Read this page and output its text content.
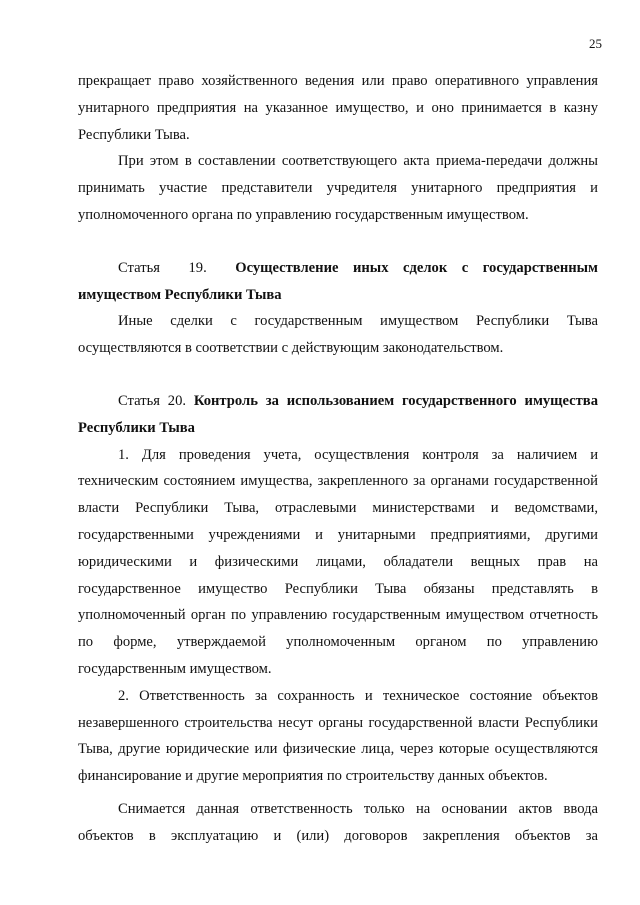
25

прекращает право хозяйственного ведения или право оперативного управления унитарного предприятия на указанное имущество, и оно принимается в казну Республики Тыва.

При этом в составлении соответствующего акта приема-передачи должны принимать участие представители учредителя унитарного предприятия и уполномоченного органа по управлению государственным имуществом.

Статья 19. Осуществление иных сделок с государственным имуществом Республики Тыва

Иные сделки с государственным имуществом Республики Тыва осуществляются в соответствии с действующим законодательством.

Статья 20. Контроль за использованием государственного имущества Республики Тыва

1. Для проведения учета, осуществления контроля за наличием и техническим состоянием имущества, закрепленного за органами государственной власти Республики Тыва, отраслевыми министерствами и ведомствами, государственными учреждениями и унитарными предприятиями, другими юридическими и физическими лицами, обладатели вещных прав на государственное имущество Республики Тыва обязаны представлять в уполномоченный орган по управлению государственным имуществом отчетность по форме, утверждаемой уполномоченным органом по управлению государственным имуществом.

2. Ответственность за сохранность и техническое состояние объектов незавершенного строительства несут органы государственной власти Республики Тыва, другие юридические или физические лица, через которые осуществляются финансирование и другие мероприятия по строительству данных объектов.

Снимается данная ответственность только на основании актов ввода объектов в эксплуатацию и (или) договоров закрепления объектов за
